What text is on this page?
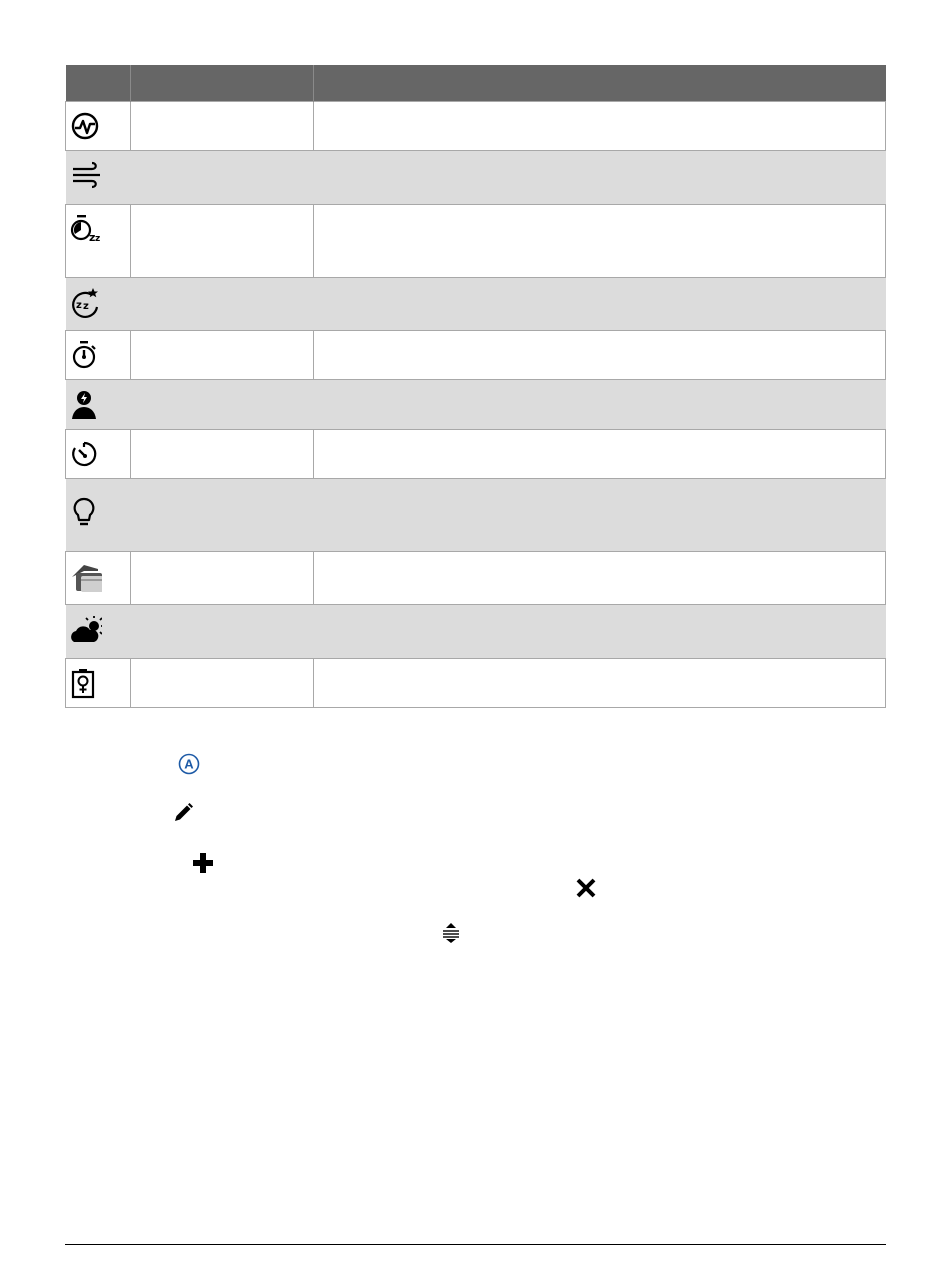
z z		

z z		

A
